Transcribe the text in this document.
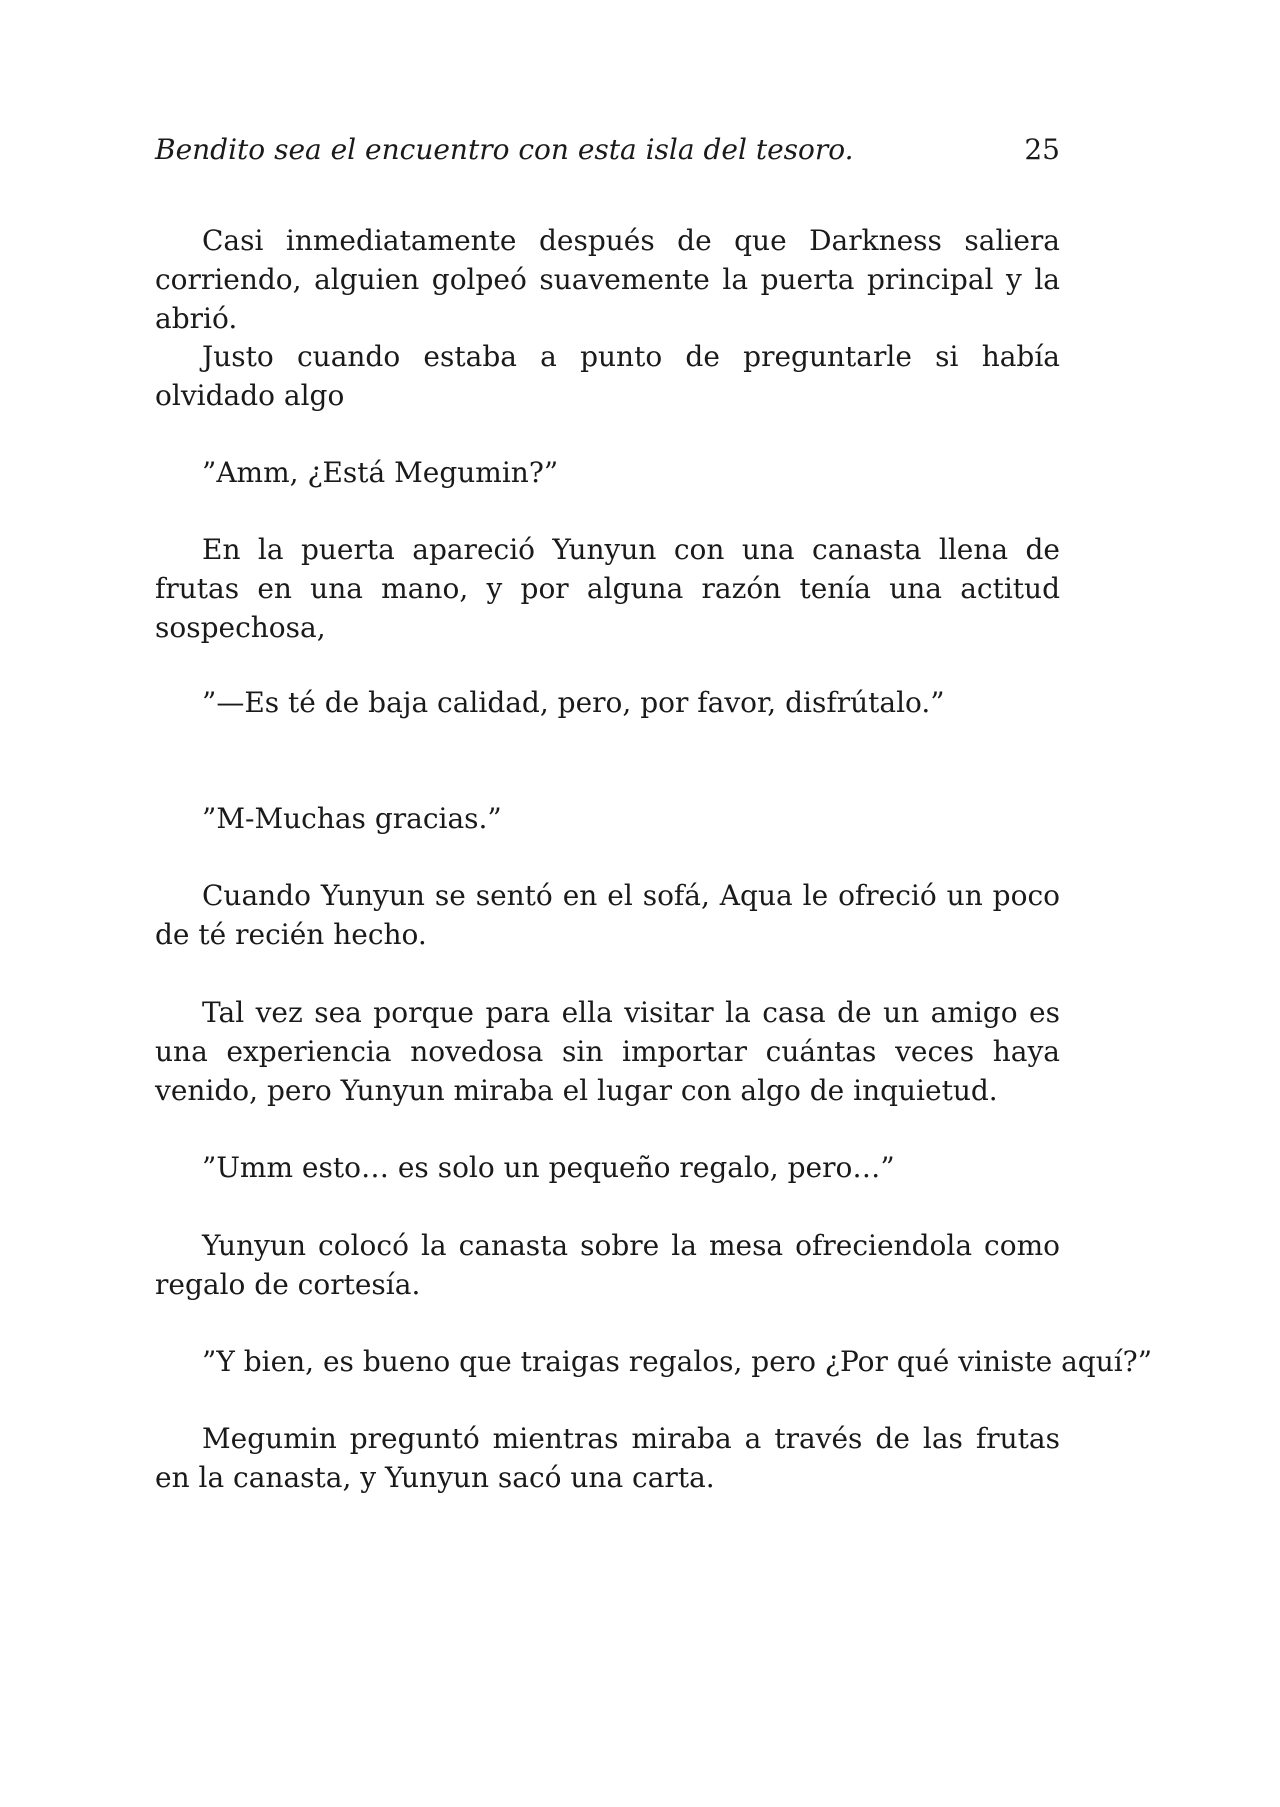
Bendito sea el encuentro con esta isla del tesoro.	25

Casi inmediatamente después de que Darkness saliera corriendo, alguien golpeó suavemente la puerta principal y la abrió.

Justo cuando estaba a punto de preguntarle si había olvidado algo

”Amm, ¿Está Megumin?”

En la puerta apareció Yunyun con una canasta llena de frutas en una mano, y por alguna razón tenía una actitud sospechosa,

”—Es té de baja calidad, pero, por favor, disfrútalo.”

”M-Muchas gracias.”

Cuando Yunyun se sentó en el sofá, Aqua le ofreció un poco de té recién hecho.

Tal vez sea porque para ella visitar la casa de un amigo es una experiencia novedosa sin importar cuántas veces haya venido, pero Yunyun miraba el lugar con algo de inquietud.

”Umm esto… es solo un pequeño regalo, pero…”

Yunyun colocó la canasta sobre la mesa ofreciendola como regalo de cortesía.

”Y bien, es bueno que traigas regalos, pero ¿Por qué viniste aquí?”

Megumin preguntó mientras miraba a través de las frutas en la canasta, y Yunyun sacó una carta.
